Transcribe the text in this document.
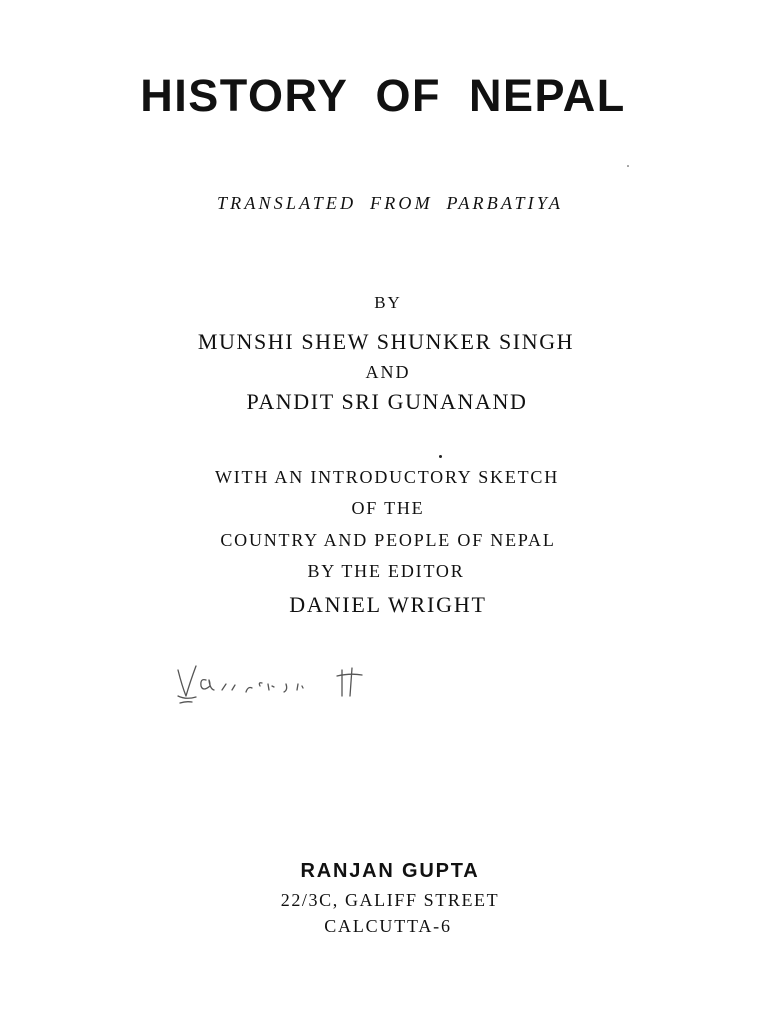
HISTORY OF NEPAL
TRANSLATED FROM PARBATIYA
BY
MUNSHI SHEW SHUNKER SINGH
AND
PANDIT SRI GUNANAND
WITH AN INTRODUCTORY SKETCH
OF THE
COUNTRY AND PEOPLE OF NEPAL
BY THE EDITOR
DANIEL WRIGHT
RANJAN GUPTA
22/3C, GALIFF STREET
CALCUTTA-6
